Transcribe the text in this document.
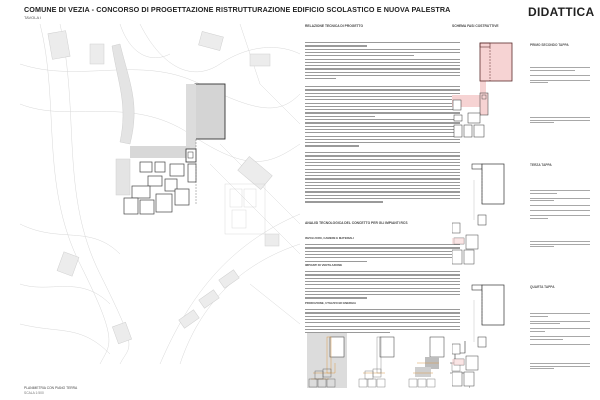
COMUNE DI VEZIA - CONCORSO DI PROGETTAZIONE RISTRUTTURAZIONE EDIFICIO SCOLASTICO E NUOVA PALESTRA
TAVOLA I	DIDATTICA
PLANIMETRIA CON PIANO TERRA
SCALA 1:500
RELAZIONE TECNICA DI PROGETTO
ANALISI TECNOLOGICA DEL CONCETTO PER GLI IMPIANTI RCS
INVOLUCRO, CAMERE E MATERIALI
IMPIANTI DI VENTILAZIONE
PRODUZIONE, UTILIZZO ED ENERGIA
SCHEMA FASI COSTRUTTIVE
PRIMO SECONDO TAPPA
TERZA TAPPA
QUARTA TAPPA
